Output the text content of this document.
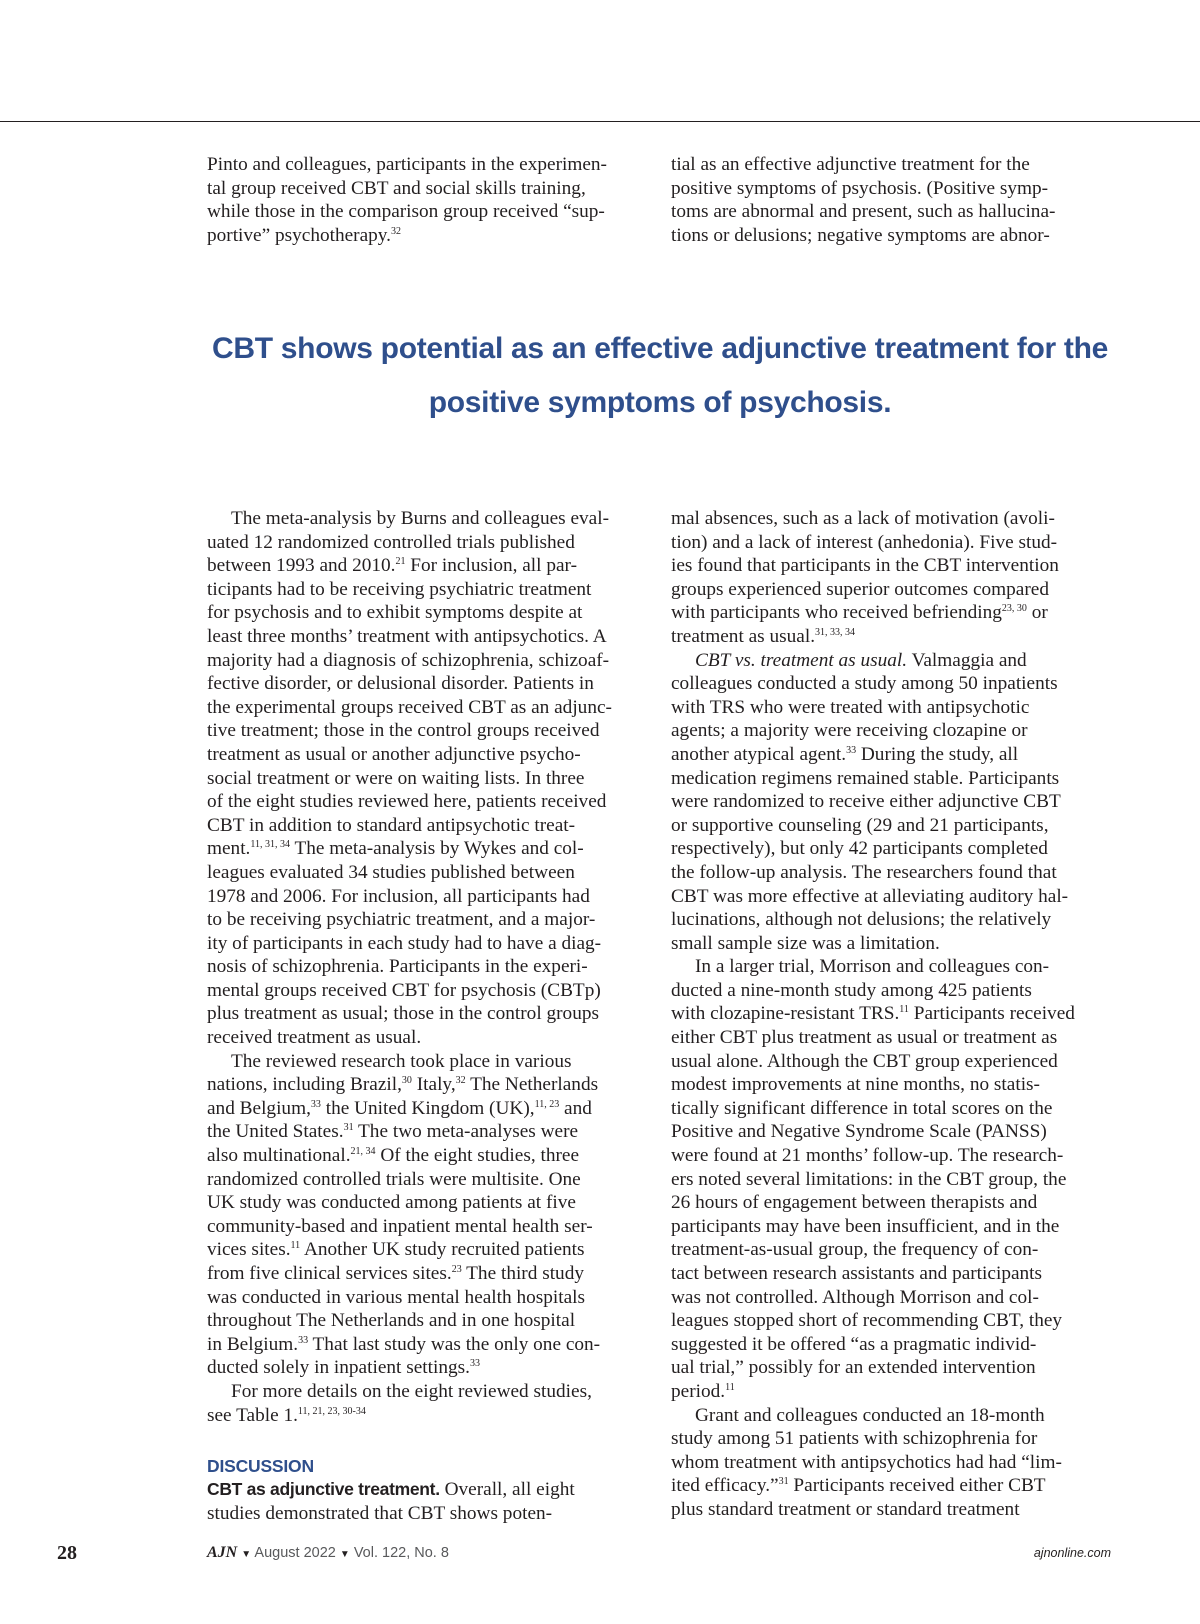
Pinto and colleagues, participants in the experimen-
tal group received CBT and social skills training,
while those in the comparison group received “sup-
portive” psychotherapy.$^{32}$

tial as an effective adjunctive treatment for the
positive symptoms of psychosis. (Positive symp-
toms are abnormal and present, such as hallucina-
tions or delusions; negative symptoms are abnor-

CBT shows potential as an effective adjunctive treatment for the
positive symptoms of psychosis.

The meta-analysis by Burns and colleagues eval-
uated 12 randomized controlled trials published
between 1993 and 2010.21 For inclusion, all par-
ticipants had to be receiving psychiatric treatment
for psychosis and to exhibit symptoms despite at
least three months’ treatment with antipsychotics. A
majority had a diagnosis of schizophrenia, schizoaf-
fective disorder, or delusional disorder. Patients in
the experimental groups received CBT as an adjunc-
tive treatment; those in the control groups received
treatment as usual or another adjunctive psycho-
social treatment or were on waiting lists. In three
of the eight studies reviewed here, patients received
CBT in addition to standard antipsychotic treat-
ment.$^{11, 31, 34}$ The meta-analysis by Wykes and col-
leagues evaluated 34 studies published between
1978 and 2006. For inclusion, all participants had
to be receiving psychiatric treatment, and a major-
ity of participants in each study had to have a diag-
nosis of schizophrenia. Participants in the experi-
mental groups received CBT for psychosis (CBTp)
plus treatment as usual; those in the control groups
received treatment as usual.

The reviewed research took place in various
nations, including Brazil,$^{30}$ Italy,$^{32}$ The Netherlands
and Belgium,$^{33}$ the United Kingdom (UK),$^{11, 23}$ and
the United States.$^{31}$ The two meta-analyses were
also multinational.$^{21, 34}$ Of the eight studies, three
randomized controlled trials were multisite. One
UK study was conducted among patients at five
community-based and inpatient mental health ser-
vices sites.$^{11}$ Another UK study recruited patients
from five clinical services sites.$^{23}$ The third study
was conducted in various mental health hospitals
throughout The Netherlands and in one hospital
in Belgium.$^{33}$ That last study was the only one con-
ducted solely in inpatient settings.$^{33}$

For more details on the eight reviewed studies,
see Table 1.$^{11, 21, 23, 30-34}$

DISCUSSION

CBT as adjunctive treatment. Overall, all eight
studies demonstrated that CBT shows poten-

mal absences, such as a lack of motivation (avoli-
tion) and a lack of interest (anhedonia). Five stud-
ies found that participants in the CBT intervention
groups experienced superior outcomes compared
with participants who received befriending$^{23, 30}$ or
treatment as usual.$^{31, 33, 34}$

CBT vs. treatment as usual. Valmaggia and
colleagues conducted a study among 50 inpatients
with TRS who were treated with antipsychotic
agents; a majority were receiving clozapine or
another atypical agent.$^{33}$ During the study, all
medication regimens remained stable. Participants
were randomized to receive either adjunctive CBT
or supportive counseling (29 and 21 participants,
respectively), but only 42 participants completed
the follow-up analysis. The researchers found that
CBT was more effective at alleviating auditory hal-
lucinations, although not delusions; the relatively
small sample size was a limitation.

In a larger trial, Morrison and colleagues con-
ducted a nine-month study among 425 patients
with clozapine-resistant TRS.$^{11}$ Participants received
either CBT plus treatment as usual or treatment as
usual alone. Although the CBT group experienced
modest improvements at nine months, no statis-
tically significant difference in total scores on the
Positive and Negative Syndrome Scale (PANSS)
were found at 21 months’ follow-up. The research-
ers noted several limitations: in the CBT group, the
26 hours of engagement between therapists and
participants may have been insufficient, and in the
treatment-as-usual group, the frequency of con-
tact between research assistants and participants
was not controlled. Although Morrison and col-
leagues stopped short of recommending CBT, they
suggested it be offered “as a pragmatic individ-
ual trial,” possibly for an extended intervention
period.$^{11}$

Grant and colleagues conducted an 18-month
study among 51 patients with schizophrenia for
whom treatment with antipsychotics had had “lim-
ited efficacy.”$^{31}$ Participants received either CBT
plus standard treatment or standard treatment

28	AJN ▼ August 2022 ▼ Vol. 122, No. 8	ajnonline.com
